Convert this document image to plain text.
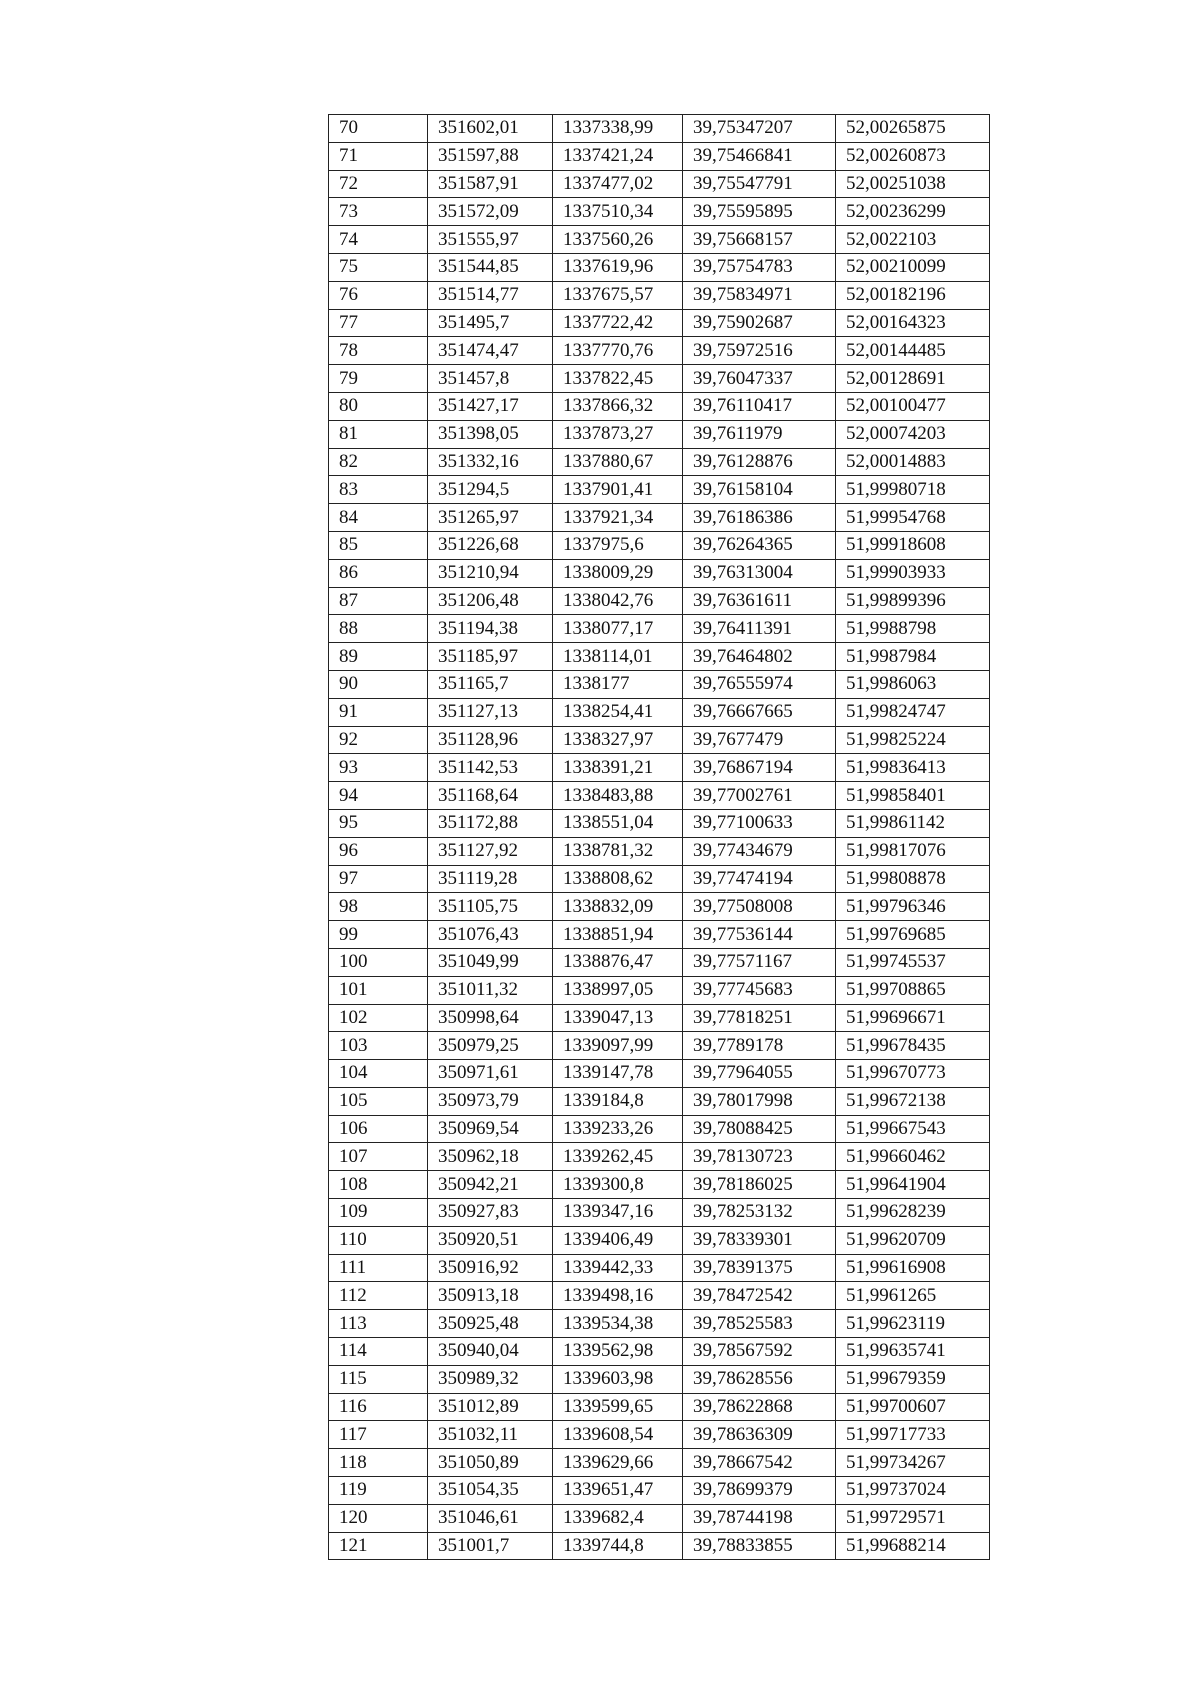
70	351602,01	1337338,99	39,75347207	52,00265875
71	351597,88	1337421,24	39,75466841	52,00260873
72	351587,91	1337477,02	39,75547791	52,00251038
73	351572,09	1337510,34	39,75595895	52,00236299
74	351555,97	1337560,26	39,75668157	52,0022103
75	351544,85	1337619,96	39,75754783	52,00210099
76	351514,77	1337675,57	39,75834971	52,00182196
77	351495,7	1337722,42	39,75902687	52,00164323
78	351474,47	1337770,76	39,75972516	52,00144485
79	351457,8	1337822,45	39,76047337	52,00128691
80	351427,17	1337866,32	39,76110417	52,00100477
81	351398,05	1337873,27	39,7611979	52,00074203
82	351332,16	1337880,67	39,76128876	52,00014883
83	351294,5	1337901,41	39,76158104	51,99980718
84	351265,97	1337921,34	39,76186386	51,99954768
85	351226,68	1337975,6	39,76264365	51,99918608
86	351210,94	1338009,29	39,76313004	51,99903933
87	351206,48	1338042,76	39,76361611	51,99899396
88	351194,38	1338077,17	39,76411391	51,9988798
89	351185,97	1338114,01	39,76464802	51,9987984
90	351165,7	1338177	39,76555974	51,9986063
91	351127,13	1338254,41	39,76667665	51,99824747
92	351128,96	1338327,97	39,7677479	51,99825224
93	351142,53	1338391,21	39,76867194	51,99836413
94	351168,64	1338483,88	39,77002761	51,99858401
95	351172,88	1338551,04	39,77100633	51,99861142
96	351127,92	1338781,32	39,77434679	51,99817076
97	351119,28	1338808,62	39,77474194	51,99808878
98	351105,75	1338832,09	39,77508008	51,99796346
99	351076,43	1338851,94	39,77536144	51,99769685
100	351049,99	1338876,47	39,77571167	51,99745537
101	351011,32	1338997,05	39,77745683	51,99708865
102	350998,64	1339047,13	39,77818251	51,99696671
103	350979,25	1339097,99	39,7789178	51,99678435
104	350971,61	1339147,78	39,77964055	51,99670773
105	350973,79	1339184,8	39,78017998	51,99672138
106	350969,54	1339233,26	39,78088425	51,99667543
107	350962,18	1339262,45	39,78130723	51,99660462
108	350942,21	1339300,8	39,78186025	51,99641904
109	350927,83	1339347,16	39,78253132	51,99628239
110	350920,51	1339406,49	39,78339301	51,99620709
111	350916,92	1339442,33	39,78391375	51,99616908
112	350913,18	1339498,16	39,78472542	51,9961265
113	350925,48	1339534,38	39,78525583	51,99623119
114	350940,04	1339562,98	39,78567592	51,99635741
115	350989,32	1339603,98	39,78628556	51,99679359
116	351012,89	1339599,65	39,78622868	51,99700607
117	351032,11	1339608,54	39,78636309	51,99717733
118	351050,89	1339629,66	39,78667542	51,99734267
119	351054,35	1339651,47	39,78699379	51,99737024
120	351046,61	1339682,4	39,78744198	51,99729571
121	351001,7	1339744,8	39,78833855	51,99688214
